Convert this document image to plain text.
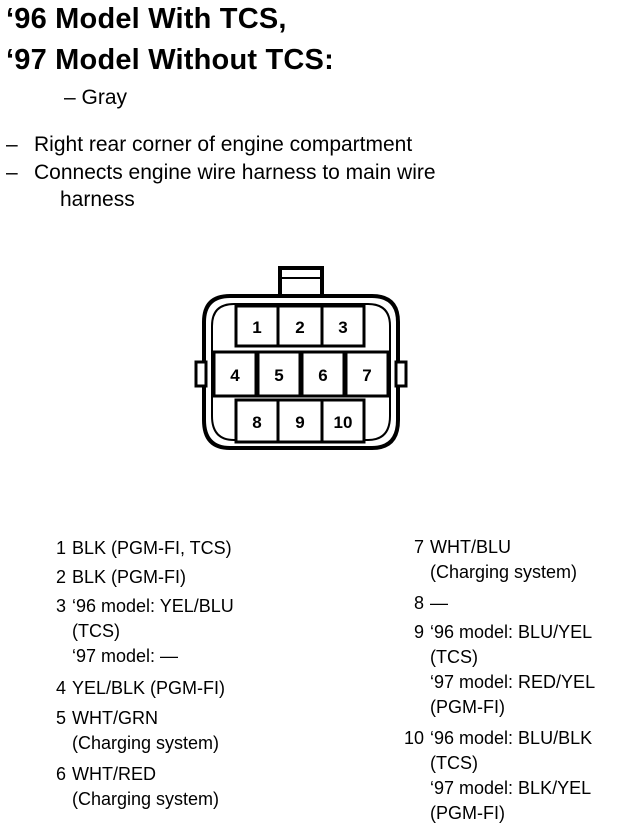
‘96 Model With TCS,
‘97 Model Without TCS:
– Gray
– Right rear corner of engine compartment
– Connects engine wire harness to main wire
harness
1 2 3
4 5 6 7
8 9 10
1 BLK (PGM-FI, TCS)
2 BLK (PGM-FI)
3 ‘96 model: YEL/BLU
(TCS)
‘97 model: —
4 YEL/BLK (PGM-FI)
5 WHT/GRN
(Charging system)
6 WHT/RED
(Charging system)
7 WHT/BLU
(Charging system)
8 —
9 ‘96 model: BLU/YEL
(TCS)
‘97 model: RED/YEL
(PGM-FI)
10 ‘96 model: BLU/BLK
(TCS)
‘97 model: BLK/YEL
(PGM-FI)
